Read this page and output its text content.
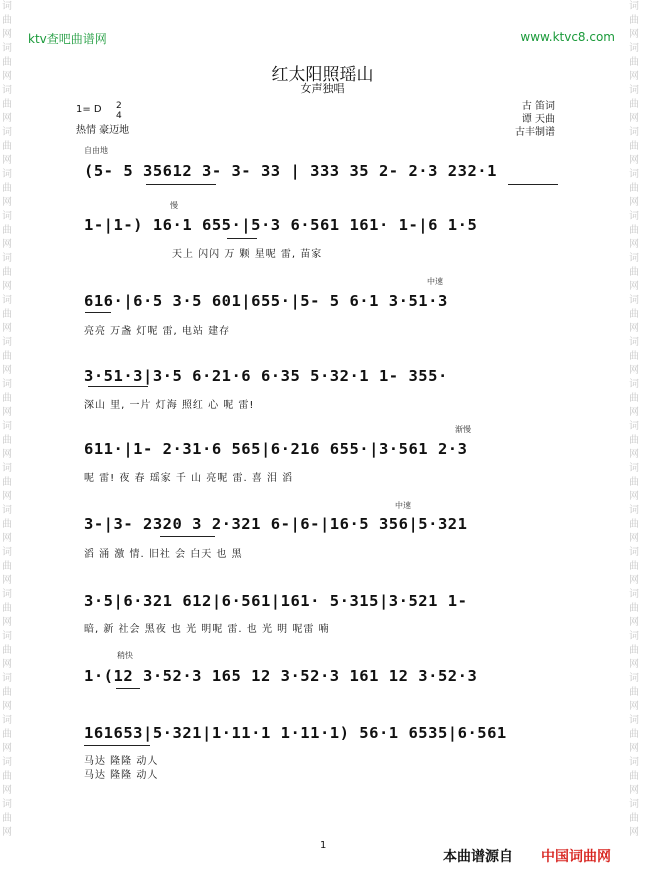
词曲网词曲网词曲网词曲网词曲网词曲网词曲网词曲网词曲网词曲网词曲网词曲网词曲网词曲网词曲网词曲网词曲网词曲网词曲网词曲网
词曲网词曲网词曲网词曲网词曲网词曲网词曲网词曲网词曲网词曲网词曲网词曲网词曲网词曲网词曲网词曲网词曲网词曲网词曲网词曲网
ktv查吧曲谱网	www.ktvc8.com
红太阳照瑶山
女声独唱
1= D 2
4
热情 豪迈地
古 笛词
谭 天曲
古丰制谱
自由地
慢
中速
渐慢
中速
稍快
(5- 5 35612 3- 3- 33 | 333 35 2- 2·3 232·1
1-|1-) 16·1 655·|5·3 6·561 161· 1-|6 1·5
天上 闪闪 万 颗 星呢 雷, 苗家
616·|6·5 3·5 601|655·|5- 5 6·1 3·51·3
亮亮 万盏 灯呢 雷, 电站 建存
3·51·3|3·5 6·21·6 6·35 5·32·1 1- 355·
深山 里, 一片 灯海 照红 心 呢 雷!
611·|1- 2·31·6 565|6·216 655·|3·561 2·3
呢 雷! 夜 春 瑶家 千 山 亮呢 雷. 喜 泪 滔
3-|3- 2320 3 2·321 6-|6-|16·5 356|5·321
滔 涌 激 情. 旧社 会 白天 也 黑
3·5|6·321 612|6·561|161· 5·315|3·521 1-
暗, 新 社会 黑夜 也 光 明呢 雷. 也 光 明 呢雷 喃
1·(12 3·52·3 165 12 3·52·3 161 12 3·52·3
161653|5·321|1·11·1 1·11·1) 56·1 6535|6·561
马达 隆隆 动人
马达 隆隆 动人
1
本曲谱源自 中国词曲网
